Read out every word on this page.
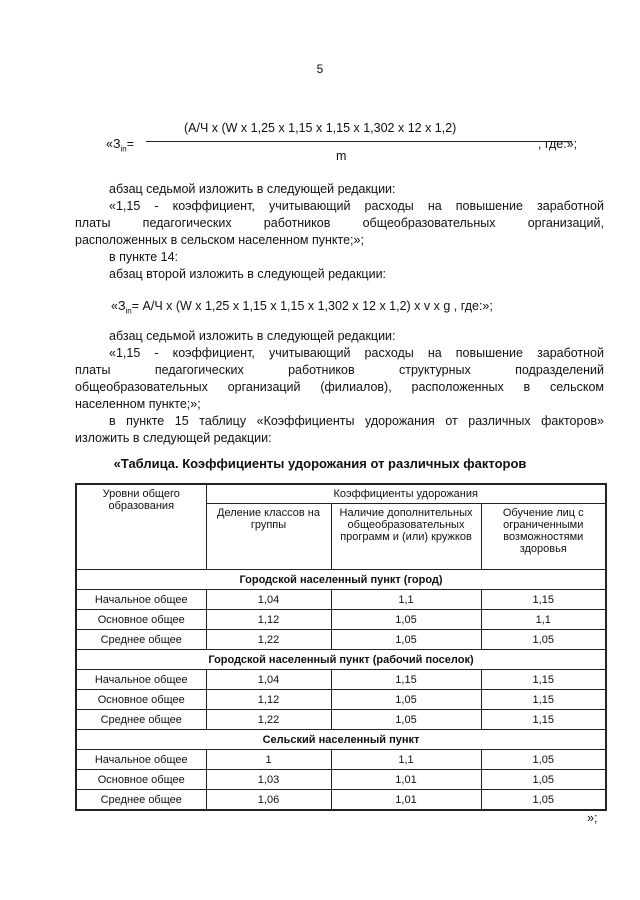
5
«$З_{in}=$
(А/Ч x (W x 1,25 x 1,15 x 1,15 x 1,302 x 12 x 1,2)
m
, где:»;
абзац седьмой изложить в следующей редакции:
«1,15 - коэффициент, учитывающий расходы на повышение заработной
платы педагогических работников общеобразовательных организаций,
расположенных в сельском населенном пункте;»;
в пункте 14:
абзац второй изложить в следующей редакции:
«$З_{in}= А/Ч$ x (W x 1,25 x 1,15 x 1,15 x 1,302 x 12 x 1,2) x v x g , где:»;
абзац седьмой изложить в следующей редакции:
«1,15 - коэффициент, учитывающий расходы на повышение заработной
платы педагогических работников структурных подразделений
общеобразовательных организаций (филиалов), расположенных в сельском
населенном пункте;»;
в пункте 15 таблицу «Коэффициенты удорожания от различных факторов»
изложить в следующей редакции:
«Таблица. Коэффициенты удорожания от различных факторов
Уровни общего образования	Коэффициенты удорожания		
	Деление классов на группы	Наличие дополнительных общеобразовательных программ и (или) кружков	Обучение лиц с ограниченными возможностями здоровья
Городской населенный пункт (город)			
Начальное общее	1,04	1,1	1,15
Основное общее	1,12	1,05	1,1
Среднее общее	1,22	1,05	1,05
Городской населенный пункт (рабочий поселок)			
Начальное общее	1,04	1,15	1,15
Основное общее	1,12	1,05	1,15
Среднее общее	1,22	1,05	1,15
Сельский населенный пункт			
Начальное общее	1	1,1	1,05
Основное общее	1,03	1,01	1,05
Среднее общее	1,06	1,01	1,05
»;
